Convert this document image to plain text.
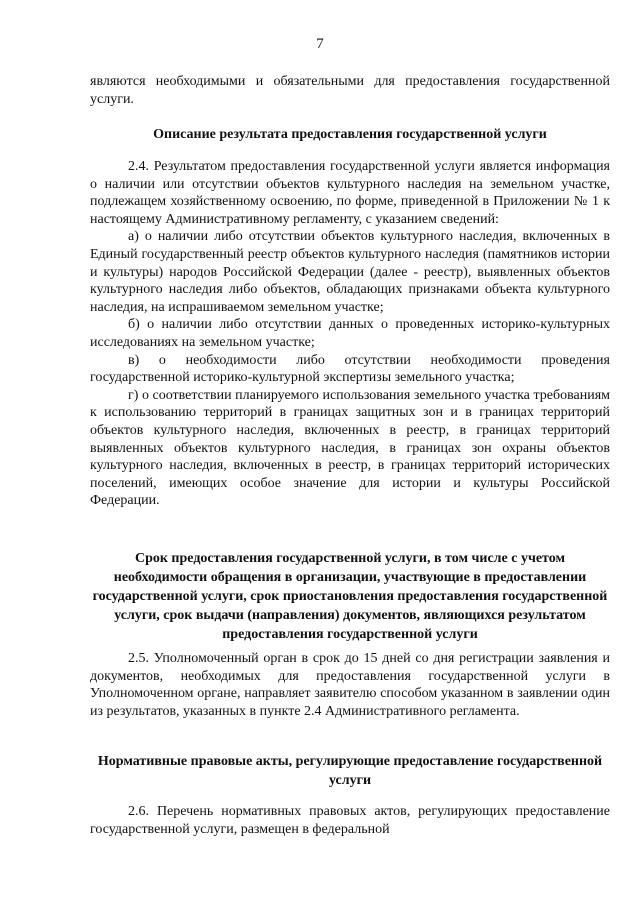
7

являются необходимыми и обязательными для предоставления государственной услуги.

Описание результата предоставления государственной услуги

2.4. Результатом предоставления государственной услуги является информация о наличии или отсутствии объектов культурного наследия на земельном участке, подлежащем хозяйственному освоению, по форме, приведенной в Приложении № 1 к настоящему Административному регламенту, с указанием сведений:

а) о наличии либо отсутствии объектов культурного наследия, включенных в Единый государственный реестр объектов культурного наследия (памятников истории и культуры) народов Российской Федерации (далее - реестр), выявленных объектов культурного наследия либо объектов, обладающих признаками объекта культурного наследия, на испрашиваемом земельном участке;

б) о наличии либо отсутствии данных о проведенных историко-культурных исследованиях на земельном участке;

в) о необходимости либо отсутствии необходимости проведения государственной историко-культурной экспертизы земельного участка;

г) о соответствии планируемого использования земельного участка требованиям к использованию территорий в границах защитных зон и в границах территорий объектов культурного наследия, включенных в реестр, в границах территорий выявленных объектов культурного наследия, в границах зон охраны объектов культурного наследия, включенных в реестр, в границах территорий исторических поселений, имеющих особое значение для истории и культуры Российской Федерации.

Срок предоставления государственной услуги, в том числе с учетом необходимости обращения в организации, участвующие в предоставлении государственной услуги, срок приостановления предоставления государственной услуги, срок выдачи (направления) документов, являющихся результатом предоставления государственной услуги

2.5. Уполномоченный орган в срок до 15 дней со дня регистрации заявления и документов, необходимых для предоставления государственной услуги в Уполномоченном органе, направляет заявителю способом указанном в заявлении один из результатов, указанных в пункте 2.4 Административного регламента.

Нормативные правовые акты, регулирующие предоставление государственной услуги

2.6. Перечень нормативных правовых актов, регулирующих предоставление государственной услуги, размещен в федеральной
